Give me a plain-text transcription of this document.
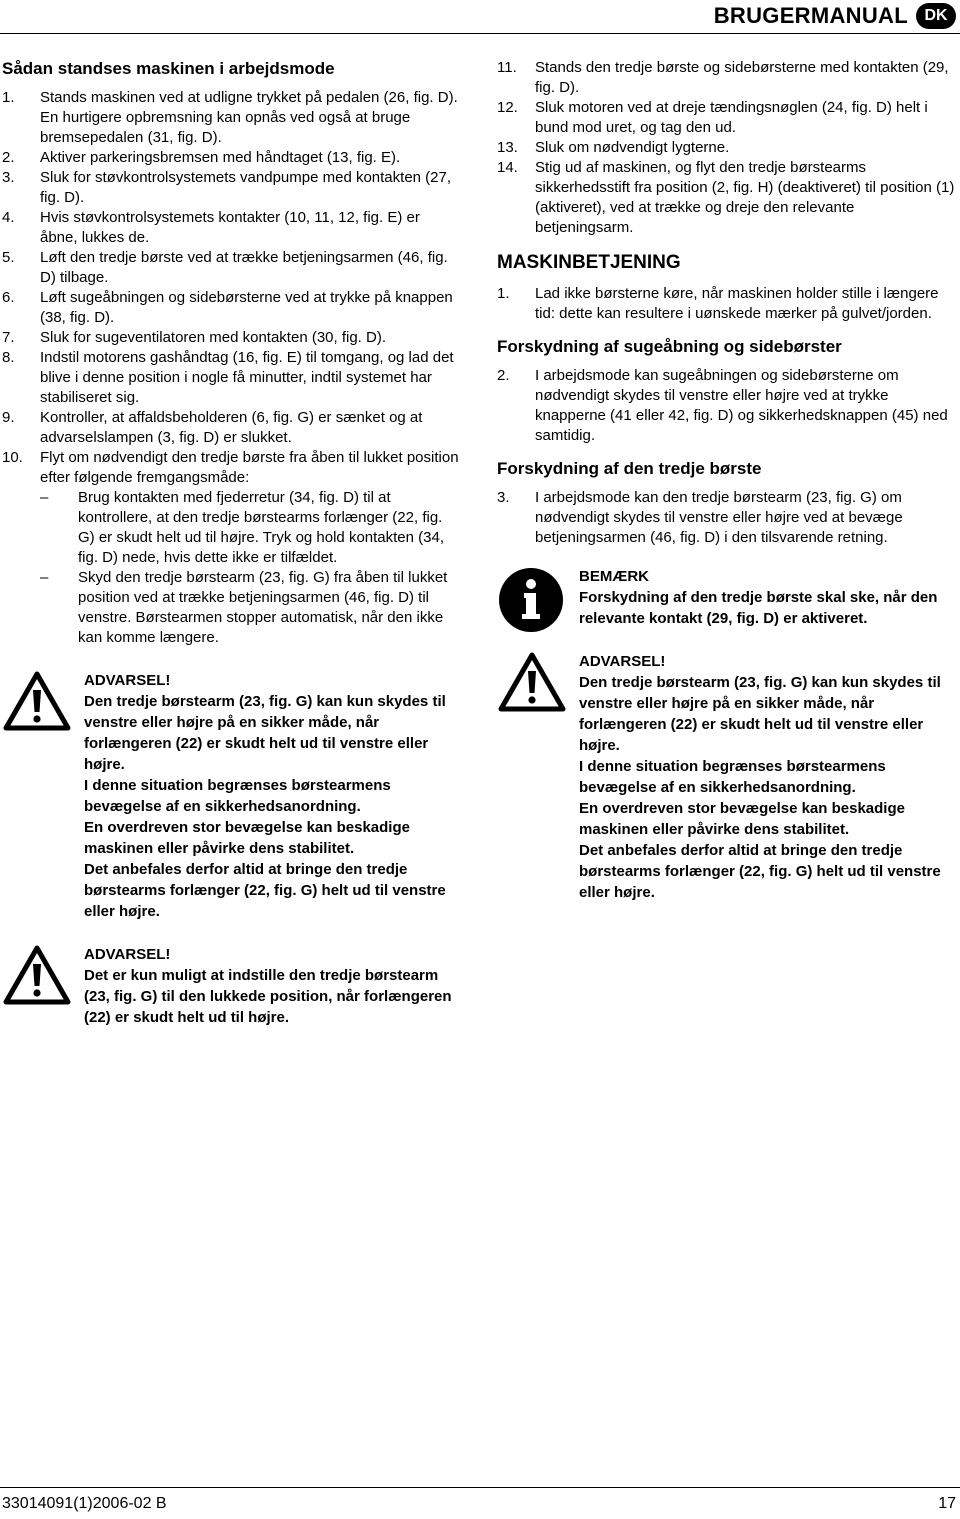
BRUGERMANUAL	DK
Sådan standses maskinen i arbejdsmode
1. Stands maskinen ved at udligne trykket på pedalen (26, fig. D).
En hurtigere opbremsning kan opnås ved også at bruge bremsepedalen (31, fig. D).
2. Aktiver parkeringsbremsen med håndtaget (13, fig. E).
3. Sluk for støvkontrolsystemets vandpumpe med kontakten (27, fig. D).
4. Hvis støvkontrolsystemets kontakter (10, 11, 12, fig. E) er åbne, lukkes de.
5. Løft den tredje børste ved at trække betjeningsarmen (46, fig. D) tilbage.
6. Løft sugeåbningen og sidebørsterne ved at trykke på knappen (38, fig. D).
7. Sluk for sugeventilatoren med kontakten (30, fig. D).
8. Indstil motorens gashåndtag (16, fig. E) til tomgang, og lad det blive i denne position i nogle få minutter, indtil systemet har stabiliseret sig.
9. Kontroller, at affaldsbeholderen (6, fig. G) er sænket og at advarselslampen (3, fig. D) er slukket.
10. Flyt om nødvendigt den tredje børste fra åben til lukket position efter følgende fremgangsmåde:
– Brug kontakten med fjederretur (34, fig. D) til at kontrollere, at den tredje børstearms forlænger (22, fig. G) er skudt helt ud til højre. Tryk og hold kontakten (34, fig. D) nede, hvis dette ikke er tilfældet.
– Skyd den tredje børstearm (23, fig. G) fra åben til lukket position ved at trække betjeningsarmen (46, fig. D) til venstre. Børstearmen stopper automatisk, når den ikke kan komme længere.
ADVARSEL!

Den tredje børstearm (23, fig. G) kan kun skydes til venstre eller højre på en sikker måde, når forlængeren (22) er skudt helt ud til venstre eller højre.

I denne situation begrænses børstearmens bevægelse af en sikkerhedsanordning.

En overdreven stor bevægelse kan beskadige maskinen eller påvirke dens stabilitet.

Det anbefales derfor altid at bringe den tredje børstearms forlænger (22, fig. G) helt ud til venstre eller højre.

ADVARSEL!

Det er kun muligt at indstille den tredje børstearm (23, fig. G) til den lukkede position, når forlængeren (22) er skudt helt ud til højre.

11. Stands den tredje børste og sidebørsterne med kontakten (29, fig. D).
12. Sluk motoren ved at dreje tændingsnøglen (24, fig. D) helt i bund mod uret, og tag den ud.
13. Sluk om nødvendigt lygterne.
14. Stig ud af maskinen, og flyt den tredje børstearms sikkerhedsstift fra position (2, fig. H) (deaktiveret) til position (1) (aktiveret), ved at trække og dreje den relevante betjeningsarm.
MASKINBETJENING
1. Lad ikke børsterne køre, når maskinen holder stille i længere tid: dette kan resultere i uønskede mærker på gulvet/jorden.
Forskydning af sugeåbning og sidebørster
2. I arbejdsmode kan sugeåbningen og sidebørsterne om nødvendigt skydes til venstre eller højre ved at trykke knapperne (41 eller 42, fig. D) og sikkerhedsknappen (45) ned samtidig.
Forskydning af den tredje børste
3. I arbejdsmode kan den tredje børstearm (23, fig. G) om nødvendigt skydes til venstre eller højre ved at bevæge betjeningsarmen (46, fig. D) i den tilsvarende retning.
BEMÆRK

Forskydning af den tredje børste skal ske, når den relevante kontakt (29, fig. D) er aktiveret.

ADVARSEL!

Den tredje børstearm (23, fig. G) kan kun skydes til venstre eller højre på en sikker måde, når forlængeren (22) er skudt helt ud til venstre eller højre.

I denne situation begrænses børstearmens bevægelse af en sikkerhedsanordning.

En overdreven stor bevægelse kan beskadige maskinen eller påvirke dens stabilitet.

Det anbefales derfor altid at bringe den tredje børstearms forlænger (22, fig. G) helt ud til venstre eller højre.

33014091(1)2006-02 B	17
